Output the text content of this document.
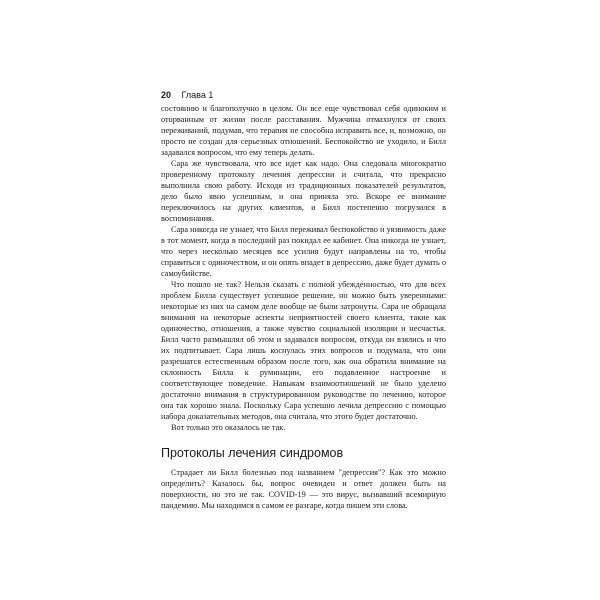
20 Глава 1

состоянию и благополучно в целом. Он все еще чувствовал себя одиноким и оторванным от жизни после расставания. Мужчина отмахнулся от своих переживаний, подумав, что терапия не способна исправить все, и, возможно, он просто не создан для серьезных отношений. Беспокойство не уходило, и Билл задавался вопросом, что ему теперь делать.

Сара же чувствовала, что все идет как надо. Она следовала многократно проверенному протоколу лечения депрессии и считала, что прекрасно выполнила свою работу. Исходя из традиционных показателей результатов, дело было явно успешным, и она приняла это. Вскоре ее внимание переключилось на других клиентов, и Билл постепенно погрузился в воспоминания.

Сара никогда не узнает, что Билл переживал беспокойство и уязвимость даже в тот момент, когда в последний раз покидал ее кабинет. Она никогда не узнает, что через несколько месяцев все усилия будут направлены на то, чтобы справиться с одиночеством, и он опять впадет в депрессию, даже будет думать о самоубийстве.

Что пошло не так? Нельзя сказать с полной убежденностью, что для всех проблем Билла существует успешное решение, но можно быть уверенными: некоторые из них на самом деле вообще не были затронуты. Сара не обращала внимания на некоторые аспекты неприятностей своего клиента, такие как одиночество, отношения, а также чувство социальной изоляции и несчастья. Билл часто размышлял об этом и задавался вопросом, откуда он взялись и что их подпитывает. Сара лишь коснулась этих вопросов и подумала, что они разрешатся естественным образом после того, как она обратила внимание на склонность Билла к руминации, его подавленное настроение и соответствующее поведение. Навыкам взаимоотношений не было уделено достаточно внимания в структурированном руководстве по лечению, которое она так хорошо знала. Поскольку Сара успешно лечила депрессию с помощью набора доказательных методов, она считала, что этого будет достаточно.

Вот только это оказалось не так.

Протоколы лечения синдромов

Страдает ли Билл болезнью под названием "депрессия"? Как это можно определить? Казалось бы, вопрос очевиден и ответ должен быть на поверхности, но это не так. COVID-19 — это вирус, вызвавший всемирную пандемию. Мы находимся в самом ее разгаре, когда пишем эти слова.
